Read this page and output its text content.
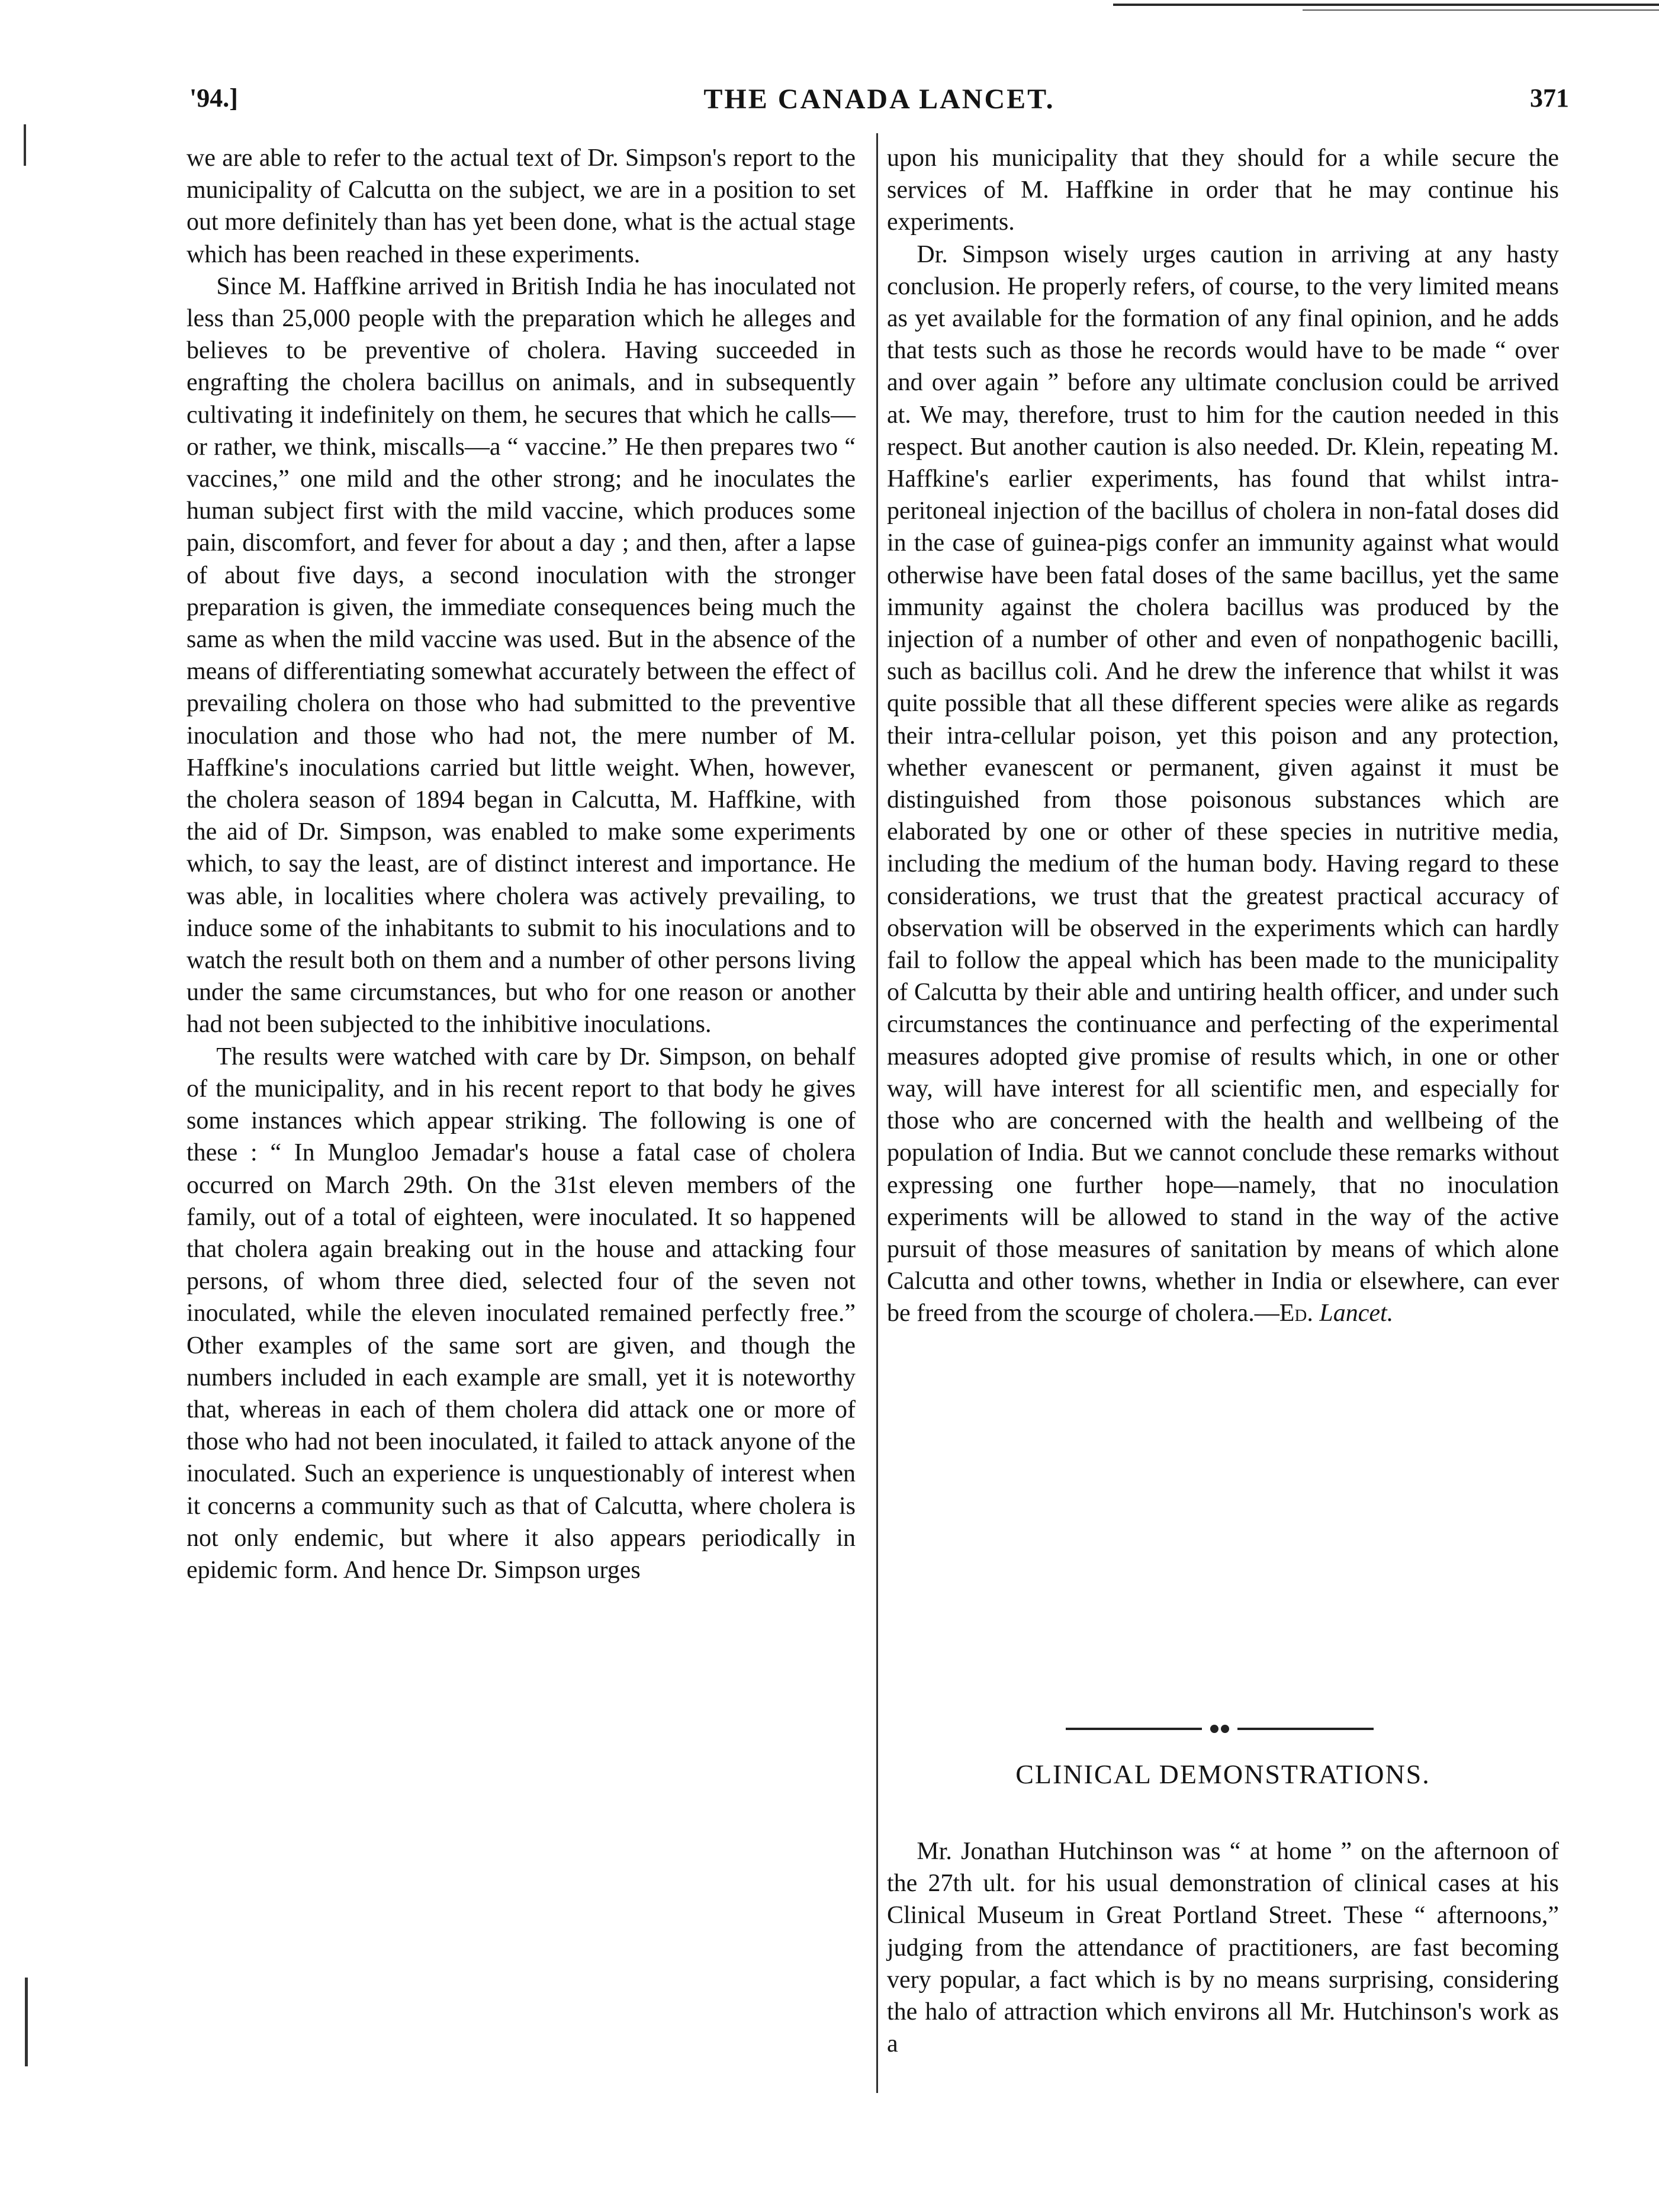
'94.]	THE CANADA LANCET.	371

we are able to refer to the actual text of Dr. Simpson's report to the municipality of Calcutta on the subject, we are in a position to set out more definitely than has yet been done, what is the actual stage which has been reached in these experiments.

Since M. Haffkine arrived in British India he has inoculated not less than 25,000 people with the preparation which he alleges and believes to be preventive of cholera. Having succeeded in engrafting the cholera bacillus on animals, and in subsequently cultivating it indefinitely on them, he secures that which he calls—or rather, we think, miscalls—a “ vaccine.” He then prepares two “ vaccines,” one mild and the other strong; and he inoculates the human subject first with the mild vaccine, which produces some pain, discomfort, and fever for about a day ; and then, after a lapse of about five days, a second inoculation with the stronger preparation is given, the immediate consequences being much the same as when the mild vaccine was used. But in the absence of the means of differentiating somewhat accurately between the effect of prevailing cholera on those who had submitted to the preventive inoculation and those who had not, the mere number of M. Haffkine's inoculations carried but little weight. When, however, the cholera season of 1894 began in Calcutta, M. Haffkine, with the aid of Dr. Simpson, was enabled to make some experiments which, to say the least, are of distinct interest and importance. He was able, in localities where cholera was actively prevailing, to induce some of the inhabitants to submit to his inoculations and to watch the result both on them and a number of other persons living under the same circumstances, but who for one reason or another had not been subjected to the inhibitive inoculations.

The results were watched with care by Dr. Simpson, on behalf of the municipality, and in his recent report to that body he gives some instances which appear striking. The following is one of these : “ In Mungloo Jemadar's house a fatal case of cholera occurred on March 29th. On the 31st eleven members of the family, out of a total of eighteen, were inoculated. It so happened that cholera again breaking out in the house and attacking four persons, of whom three died, selected four of the seven not inoculated, while the eleven inoculated remained perfectly free.” Other examples of the same sort are given, and though the numbers included in each example are small, yet it is noteworthy that, whereas in each of them cholera did attack one or more of those who had not been inoculated, it failed to attack anyone of the inoculated. Such an experience is unquestionably of interest when it concerns a community such as that of Calcutta, where cholera is not only endemic, but where it also appears periodically in epidemic form. And hence Dr. Simpson urges

upon his municipality that they should for a while secure the services of M. Haffkine in order that he may continue his experiments.

Dr. Simpson wisely urges caution in arriving at any hasty conclusion. He properly refers, of course, to the very limited means as yet available for the formation of any final opinion, and he adds that tests such as those he records would have to be made “ over and over again ” before any ultimate conclusion could be arrived at. We may, therefore, trust to him for the caution needed in this respect. But another caution is also needed. Dr. Klein, repeating M. Haffkine's earlier experiments, has found that whilst intra-peritoneal injection of the bacillus of cholera in non-fatal doses did in the case of guinea-pigs confer an immunity against what would otherwise have been fatal doses of the same bacillus, yet the same immunity against the cholera bacillus was produced by the injection of a number of other and even of nonpathogenic bacilli, such as bacillus coli. And he drew the inference that whilst it was quite possible that all these different species were alike as regards their intra-cellular poison, yet this poison and any protection, whether evanescent or permanent, given against it must be distinguished from those poisonous substances which are elaborated by one or other of these species in nutritive media, including the medium of the human body. Having regard to these considerations, we trust that the greatest practical accuracy of observation will be observed in the experiments which can hardly fail to follow the appeal which has been made to the municipality of Calcutta by their able and untiring health officer, and under such circumstances the continuance and perfecting of the experimental measures adopted give promise of results which, in one or other way, will have interest for all scientific men, and especially for those who are concerned with the health and wellbeing of the population of India. But we cannot conclude these remarks without expressing one further hope—namely, that no inoculation experiments will be allowed to stand in the way of the active pursuit of those measures of sanitation by means of which alone Calcutta and other towns, whether in India or elsewhere, can ever be freed from the scourge of cholera.—Ed. Lancet.

CLINICAL DEMONSTRATIONS.

Mr. Jonathan Hutchinson was “ at home ” on the afternoon of the 27th ult. for his usual demonstration of clinical cases at his Clinical Museum in Great Portland Street. These “ afternoons,” judging from the attendance of practitioners, are fast becoming very popular, a fact which is by no means surprising, considering the halo of attraction which environs all Mr. Hutchinson's work as a
